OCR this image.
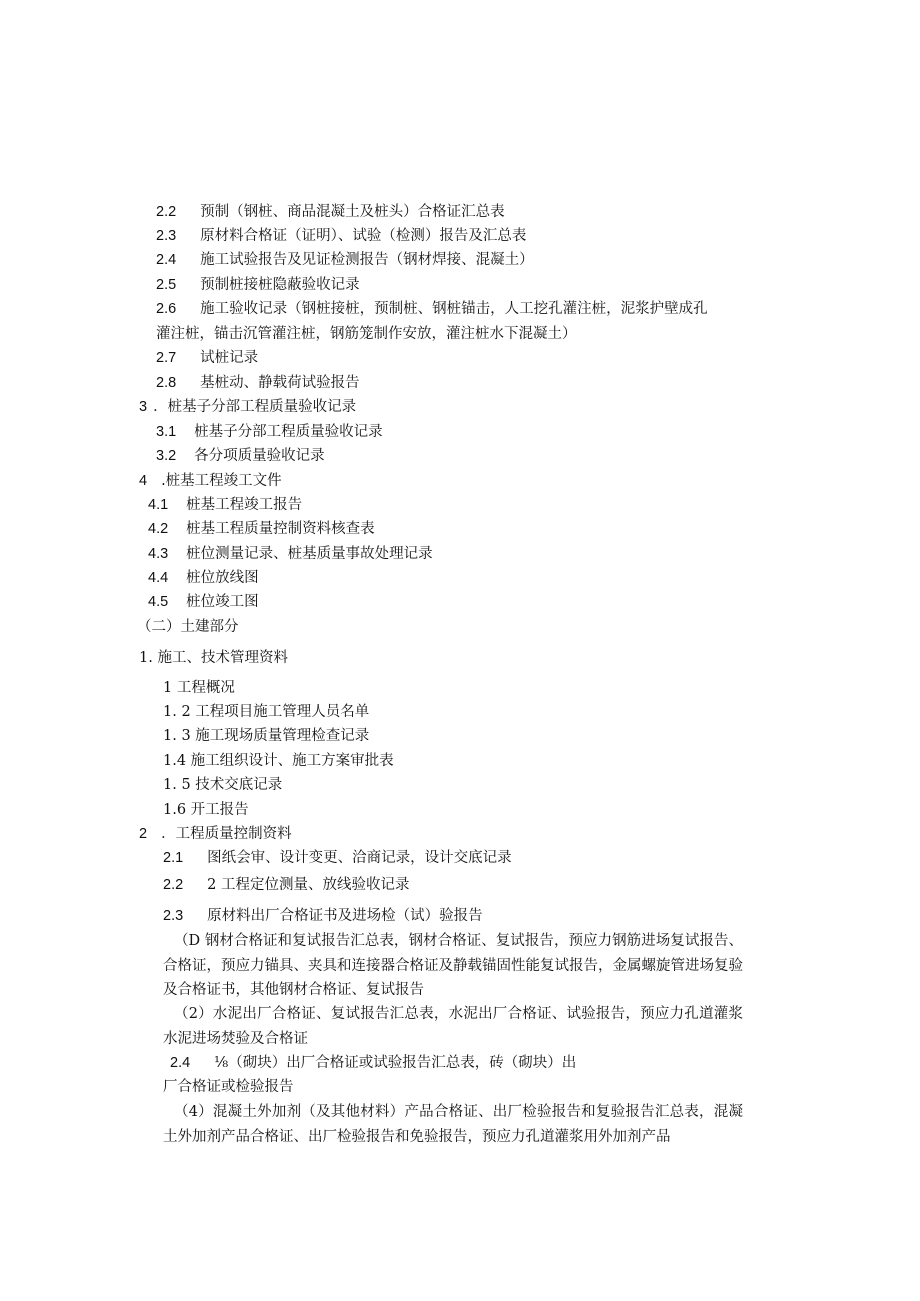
2.2 预制（钢桩、商品混凝土及桩头）合格证汇总表
2.3 原材料合格证（证明）、试验（检测）报告及汇总表
2.4 施工试验报告及见证检测报告（钢材焊接、混凝土）
2.5 预制桩接桩隐蔽验收记录
2.6 施工验收记录（钢桩接桩，预制桩、钢桩锚击，人工挖孔灌注桩，泥浆护壁成孔
灌注桩，锚击沉管灌注桩，钢筋笼制作安放，灌注桩水下混凝土）
2.7 试桩记录
2.8 基桩动、静载荷试验报告
3 ．桩基子分部工程质量验收记录
3.1 桩基子分部工程质量验收记录
3.2 各分项质量验收记录
4 .桩基工程竣工文件
4.1 桩基工程竣工报告
4.2 桩基工程质量控制资料核查表
4.3 桩位测量记录、桩基质量事故处理记录
4.4 桩位放线图
4.5 桩位竣工图
（二）土建部分
1. 施工、技术管理资料
1 工程概况
1. 2 工程项目施工管理人员名单
1. 3 施工现场质量管理检查记录
1.4 施工组织设计、施工方案审批表
1. 5 技术交底记录
1.6 开工报告
2 ．工程质量控制资料
2.1 图纸会审、设计变更、洽商记录，设计交底记录
2.2 2 工程定位测量、放线验收记录
2.3 原材料出厂合格证书及进场检（试）验报告
（D 钢材合格证和复试报告汇总表，钢材合格证、复试报告，预应力钢筋进场复试报告、合格证，预应力锚具、夹具和连接器合格证及静载锚固性能复试报告，金属螺旋管进场复验及合格证书，其他钢材合格证、复试报告
（2）水泥出厂合格证、复试报告汇总表，水泥出厂合格证、试验报告，预应力孔道灌浆水泥进场焚验及合格证
2.4 ⅛（砌块）出厂合格证或试验报告汇总表，砖（砌块）出
厂合格证或检验报告
（4）混凝土外加剂（及其他材料）产品合格证、出厂检验报告和复验报告汇总表，混凝土外加剂产品合格证、出厂检验报告和免验报告，预应力孔道灌浆用外加剂产品
